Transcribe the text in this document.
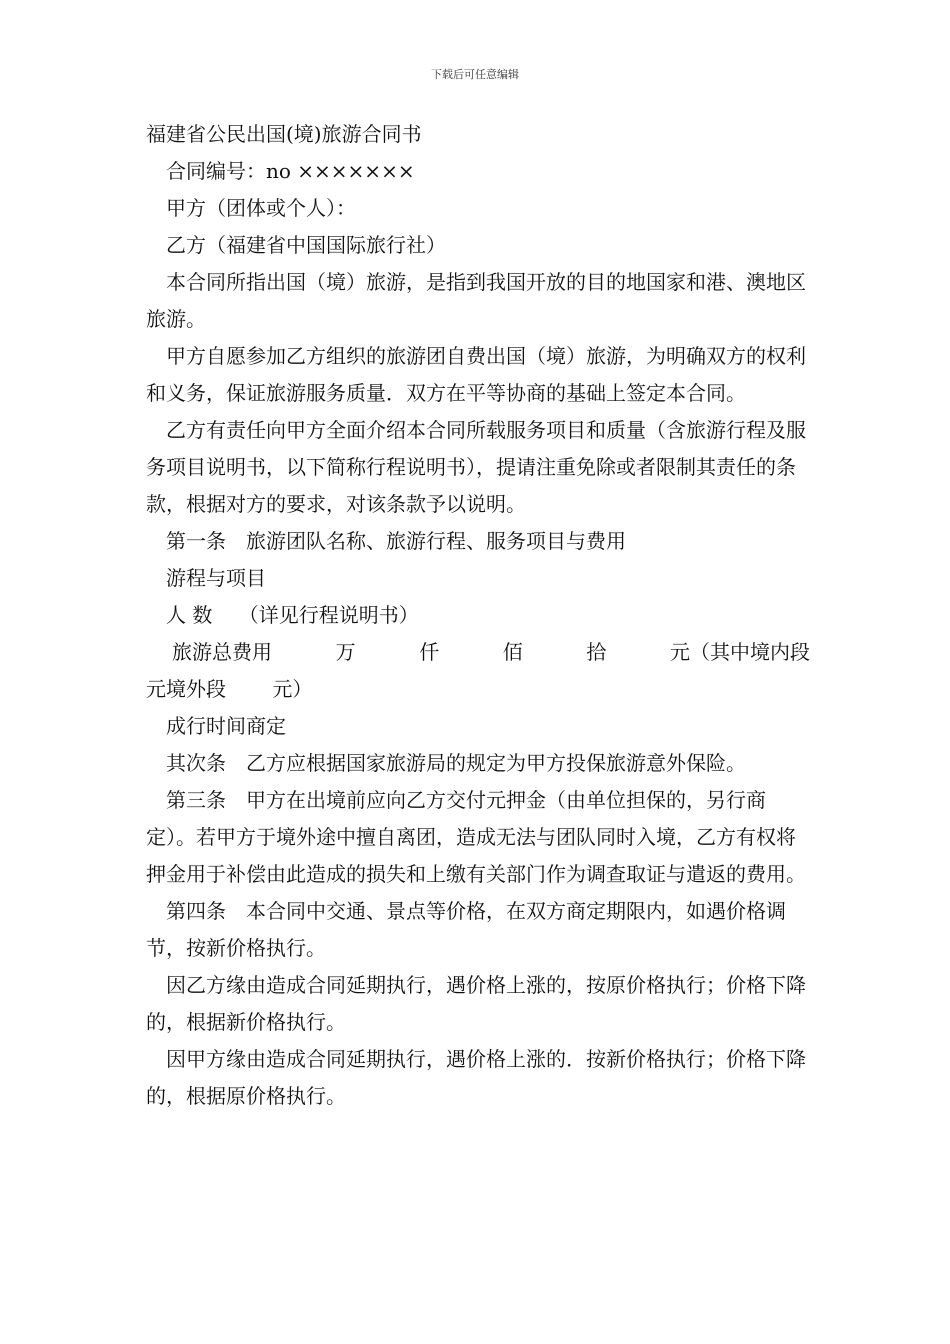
下载后可任意编辑

福建省公民出国(境)旅游合同书

合同编号：no ×××××××

甲方（团体或个人）：

乙方（福建省中国国际旅行社）

本合同所指出国（境）旅游，是指到我国开放的目的地国家和港、澳地区旅游。

甲方自愿参加乙方组织的旅游团自费出国（境）旅游，为明确双方的权利和义务，保证旅游服务质量．双方在平等协商的基础上签定本合同。

乙方有责任向甲方全面介绍本合同所载服务项目和质量（含旅游行程及服务项目说明书，以下简称行程说明书），提请注重免除或者限制其责任的条款，根据对方的要求，对该条款予以说明。

第一条　旅游团队名称、旅游行程、服务项目与费用

游程与项目

人 数　 （详见行程说明书）

旅游总费用	万	仟	佰	拾	元（其中境内段

元境外段　　 元）

成行时间商定

其次条　乙方应根据国家旅游局的规定为甲方投保旅游意外保险。

第三条　甲方在出境前应向乙方交付元押金（由单位担保的，另行商定）。若甲方于境外途中擅自离团，造成无法与团队同时入境，乙方有权将押金用于补偿由此造成的损失和上缴有关部门作为调查取证与遣返的费用。

第四条　本合同中交通、景点等价格，在双方商定期限内，如遇价格调节，按新价格执行。

因乙方缘由造成合同延期执行，遇价格上涨的，按原价格执行；价格下降的，根据新价格执行。

因甲方缘由造成合同延期执行，遇价格上涨的．按新价格执行；价格下降的，根据原价格执行。
